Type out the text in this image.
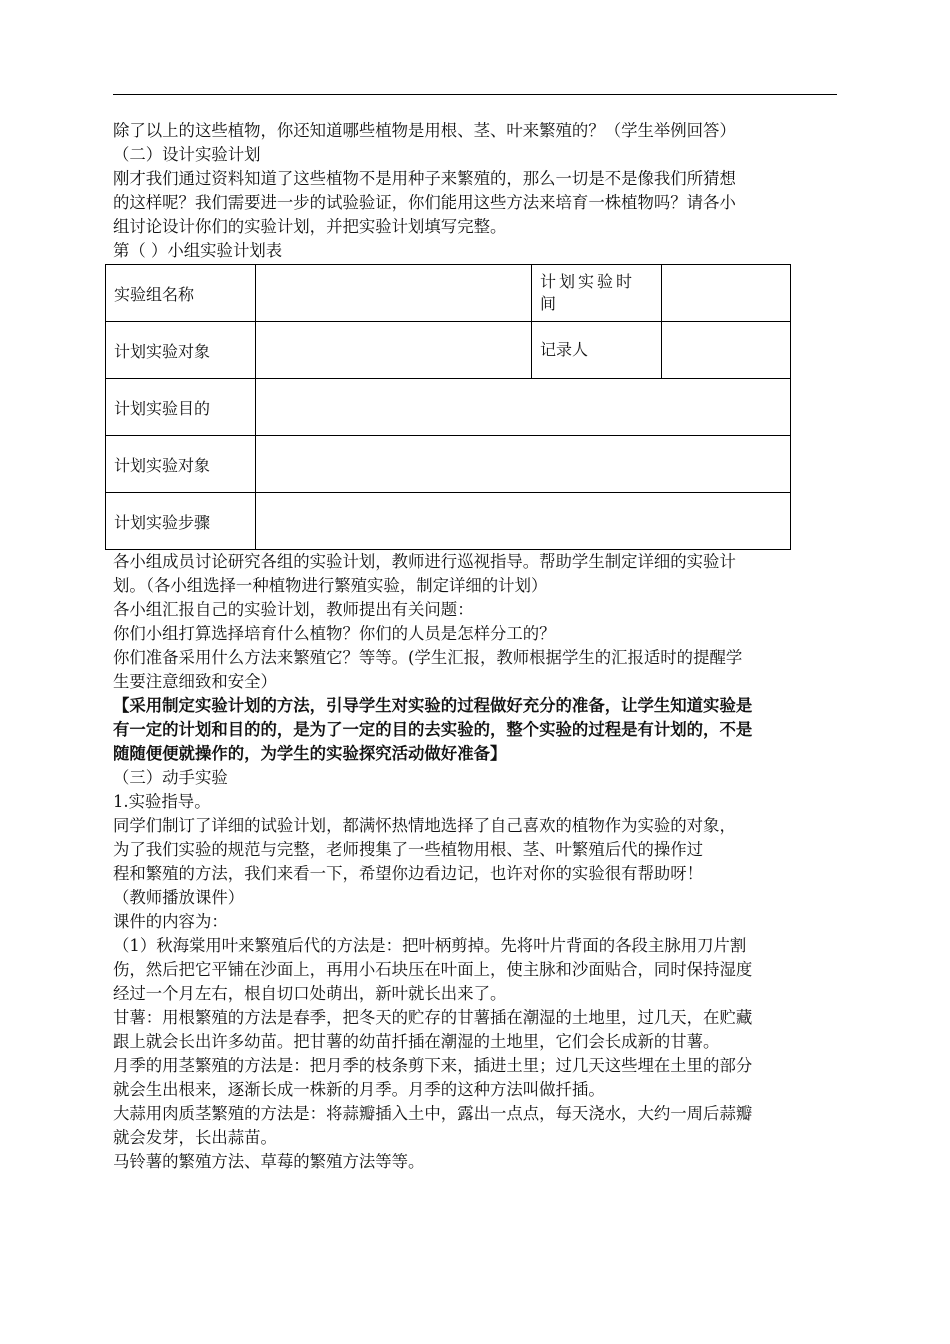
除了以上的这些植物，你还知道哪些植物是用根、茎、叶来繁殖的？（学生举例回答）

（二）设计实验计划

刚才我们通过资料知道了这些植物不是用种子来繁殖的，那么一切是不是像我们所猜想

的这样呢？我们需要进一步的试验验证，你们能用这些方法来培育一株植物吗？请各小

组讨论设计你们的实验计划，并把实验计划填写完整。

第（ ）小组实验计划表

实验组名称		计划实验时间	
计划实验对象		记录人	
计划实验目的			
计划实验对象			
计划实验步骤			

各小组成员讨论研究各组的实验计划，教师进行巡视指导。帮助学生制定详细的实验计

划。（各小组选择一种植物进行繁殖实验，制定详细的计划）

各小组汇报自己的实验计划，教师提出有关问题：

你们小组打算选择培育什么植物？你们的人员是怎样分工的？

你们准备采用什么方法来繁殖它？等等。(学生汇报，教师根据学生的汇报适时的提醒学

生要注意细致和安全）

【采用制定实验计划的方法，引导学生对实验的过程做好充分的准备，让学生知道实验是

有一定的计划和目的的，是为了一定的目的去实验的，整个实验的过程是有计划的，不是

随随便便就操作的，为学生的实验探究活动做好准备】

（三）动手实验

1.实验指导。

同学们制订了详细的试验计划，都满怀热情地选择了自己喜欢的植物作为实验的对象，

为了我们实验的规范与完整，老师搜集了一些植物用根、茎、叶繁殖后代的操作过

程和繁殖的方法，我们来看一下，希望你边看边记，也许对你的实验很有帮助呀！

（教师播放课件）

课件的内容为：

（1）秋海棠用叶来繁殖后代的方法是：把叶柄剪掉。先将叶片背面的各段主脉用刀片割

伤，然后把它平铺在沙面上，再用小石块压在叶面上，使主脉和沙面贴合，同时保持湿度

经过一个月左右，根自切口处萌出，新叶就长出来了。

甘薯：用根繁殖的方法是春季，把冬天的贮存的甘薯插在潮湿的土地里，过几天，在贮藏

跟上就会长出许多幼苗。把甘薯的幼苗扦插在潮湿的土地里，它们会长成新的甘薯。

月季的用茎繁殖的方法是：把月季的枝条剪下来，插进土里；过几天这些埋在土里的部分

就会生出根来，逐渐长成一株新的月季。月季的这种方法叫做扦插。

大蒜用肉质茎繁殖的方法是：将蒜瓣插入土中，露出一点点，每天浇水，大约一周后蒜瓣

就会发芽，长出蒜苗。

马铃薯的繁殖方法、草莓的繁殖方法等等。
